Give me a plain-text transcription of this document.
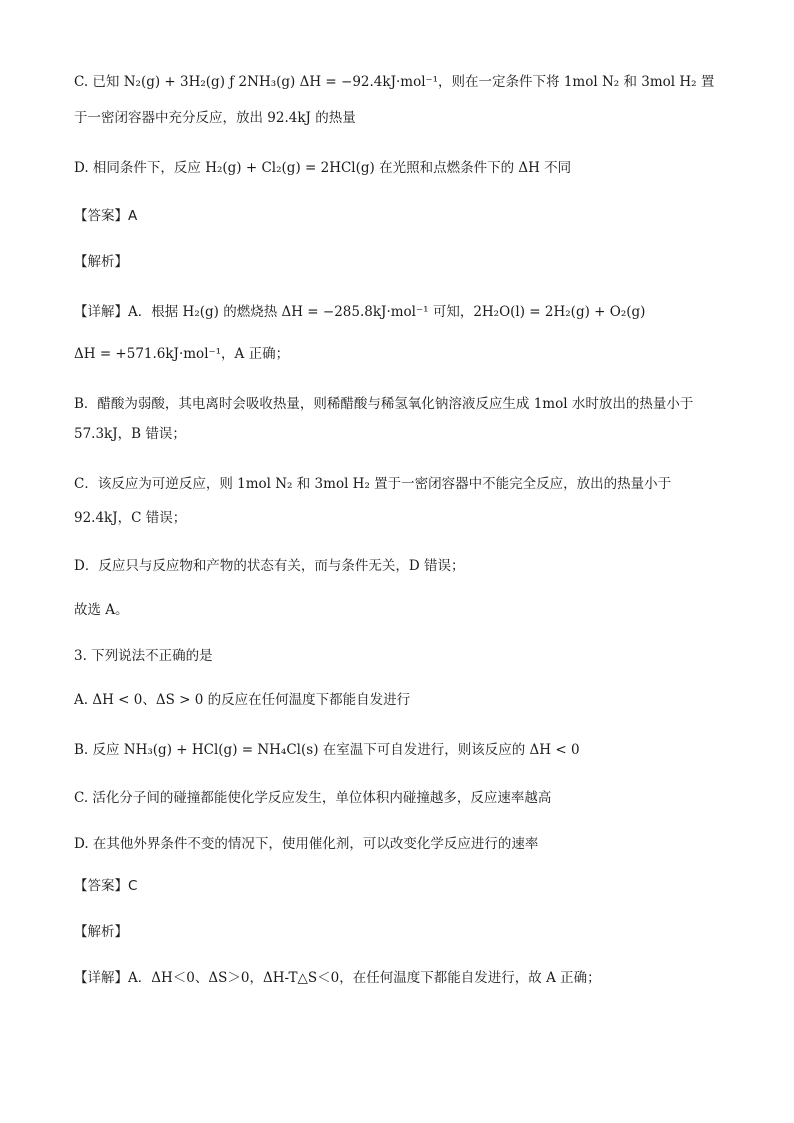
C. 已知 N₂(g) + 3H₂(g) ƒ 2NH₃(g) ΔH = −92.4kJ·mol⁻¹，则在一定条件下将 1mol N₂ 和 3mol H₂ 置
于一密闭容器中充分反应，放出 92.4kJ 的热量
D. 相同条件下，反应 H₂(g) + Cl₂(g) = 2HCl(g) 在光照和点燃条件下的 ΔH 不同
【答案】A
【解析】
【详解】A．根据 H₂(g) 的燃烧热 ΔH = −285.8kJ·mol⁻¹ 可知，2H₂O(l) = 2H₂(g) + O₂(g)
ΔH = +571.6kJ·mol⁻¹，A 正确；
B．醋酸为弱酸，其电离时会吸收热量，则稀醋酸与稀氢氧化钠溶液反应生成 1mol 水时放出的热量小于
57.3kJ，B 错误；
C．该反应为可逆反应，则 1mol N₂ 和 3mol H₂ 置于一密闭容器中不能完全反应，放出的热量小于
92.4kJ，C 错误；
D．反应只与反应物和产物的状态有关，而与条件无关，D 错误；
故选 A。
3. 下列说法不正确的是
A. ΔH < 0、ΔS > 0 的反应在任何温度下都能自发进行
B. 反应 NH₃(g) + HCl(g) = NH₄Cl(s) 在室温下可自发进行，则该反应的 ΔH < 0
C. 活化分子间的碰撞都能使化学反应发生，单位体积内碰撞越多，反应速率越高
D. 在其他外界条件不变的情况下，使用催化剂，可以改变化学反应进行的速率
【答案】C
【解析】
【详解】A．ΔH＜0、ΔS＞0，ΔH-T△S＜0，在任何温度下都能自发进行，故 A 正确；
